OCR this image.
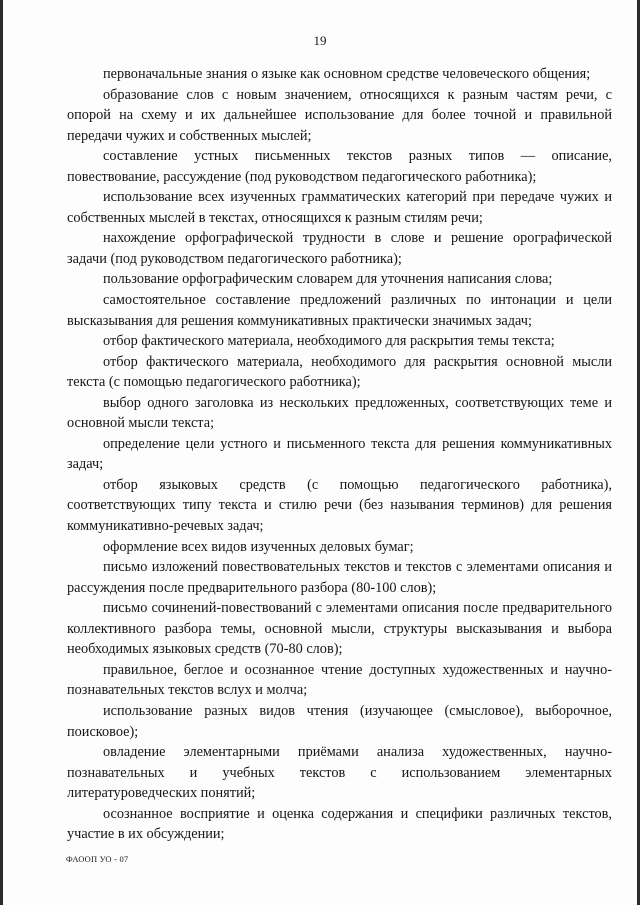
19

первоначальные знания о языке как основном средстве человеческого общения;

образование слов с новым значением, относящихся к разным частям речи, с опорой на схему и их дальнейшее использование для более точной и правильной передачи чужих и собственных мыслей;

составление устных письменных текстов разных типов — описание, повествование, рассуждение (под руководством педагогического работника);

использование всех изученных грамматических категорий при передаче чужих и собственных мыслей в текстах, относящихся к разным стилям речи;

нахождение орфографической трудности в слове и решение орографической задачи (под руководством педагогического работника);

пользование орфографическим словарем для уточнения написания слова;

самостоятельное составление предложений различных по интонации и цели высказывания для решения коммуникативных практически значимых задач;

отбор фактического материала, необходимого для раскрытия темы текста;

отбор фактического материала, необходимого для раскрытия основной мысли текста (с помощью педагогического работника);

выбор одного заголовка из нескольких предложенных, соответствующих теме и основной мысли текста;

определение цели устного и письменного текста для решения коммуникативных задач;

отбор языковых средств (с помощью педагогического работника), соответствующих типу текста и стилю речи (без называния терминов) для решения коммуникативно-речевых задач;

оформление всех видов изученных деловых бумаг;

письмо изложений повествовательных текстов и текстов с элементами описания и рассуждения после предварительного разбора (80-100 слов);

письмо сочинений-повествований с элементами описания после предварительного коллективного разбора темы, основной мысли, структуры высказывания и выбора необходимых языковых средств (70-80 слов);

правильное, беглое и осознанное чтение доступных художественных и научно-познавательных текстов вслух и молча;

использование разных видов чтения (изучающее (смысловое), выборочное, поисковое);

овладение элементарными приёмами анализа художественных, научно-познавательных и учебных текстов с использованием элементарных литературоведческих понятий;

осознанное восприятие и оценка содержания и специфики различных текстов, участие в их обсуждении;

ФАООП УО - 07
